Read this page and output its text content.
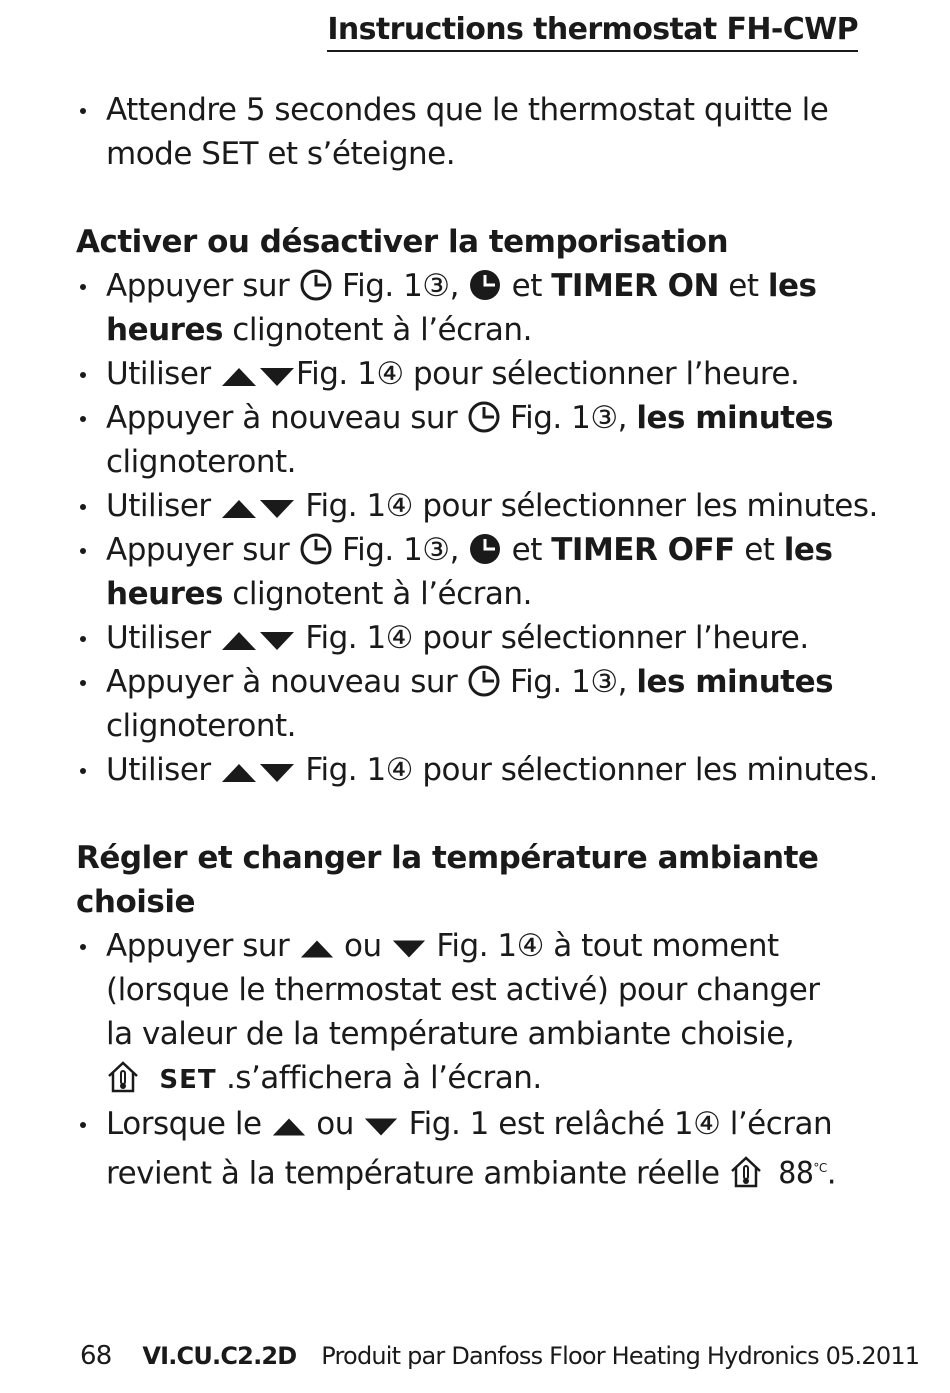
Instructions thermostat FH-CWP
Attendre 5 secondes que le thermostat quitte le
mode SET et s’éteigne.
Activer ou désactiver la temporisation
Appuyer sur Fig. 1③, et TIMER ON et les
heures clignotent à l’écran.
Utiliser	Fig. 1④ pour sélectionner l’heure.
Appuyer à nouveau sur Fig. 1③, les minutes
clignoteront.
Utiliser	Fig. 1④ pour sélectionner les minutes.
Appuyer sur Fig. 1③, et TIMER OFF et les
heures clignotent à l’écran.
Utiliser	Fig. 1④ pour sélectionner l’heure.
Appuyer à nouveau sur Fig. 1③, les minutes
clignoteront.
Utiliser	Fig. 1④ pour sélectionner les minutes.
Régler et changer la température ambiante
choisie
Appuyer sur ou Fig. 1④ à tout moment
(lorsque le thermostat est activé) pour changer
la valeur de la température ambiante choisie,
SET .s’affichera à l’écran.
Lorsque le ou Fig. 1 est relâché 1④ l’écran
revient à la température ambiante réelle $88^{^\circ C}$.
68 VI.CU.C2.2D Produit par Danfoss Floor Heating Hydronics 05.2011
